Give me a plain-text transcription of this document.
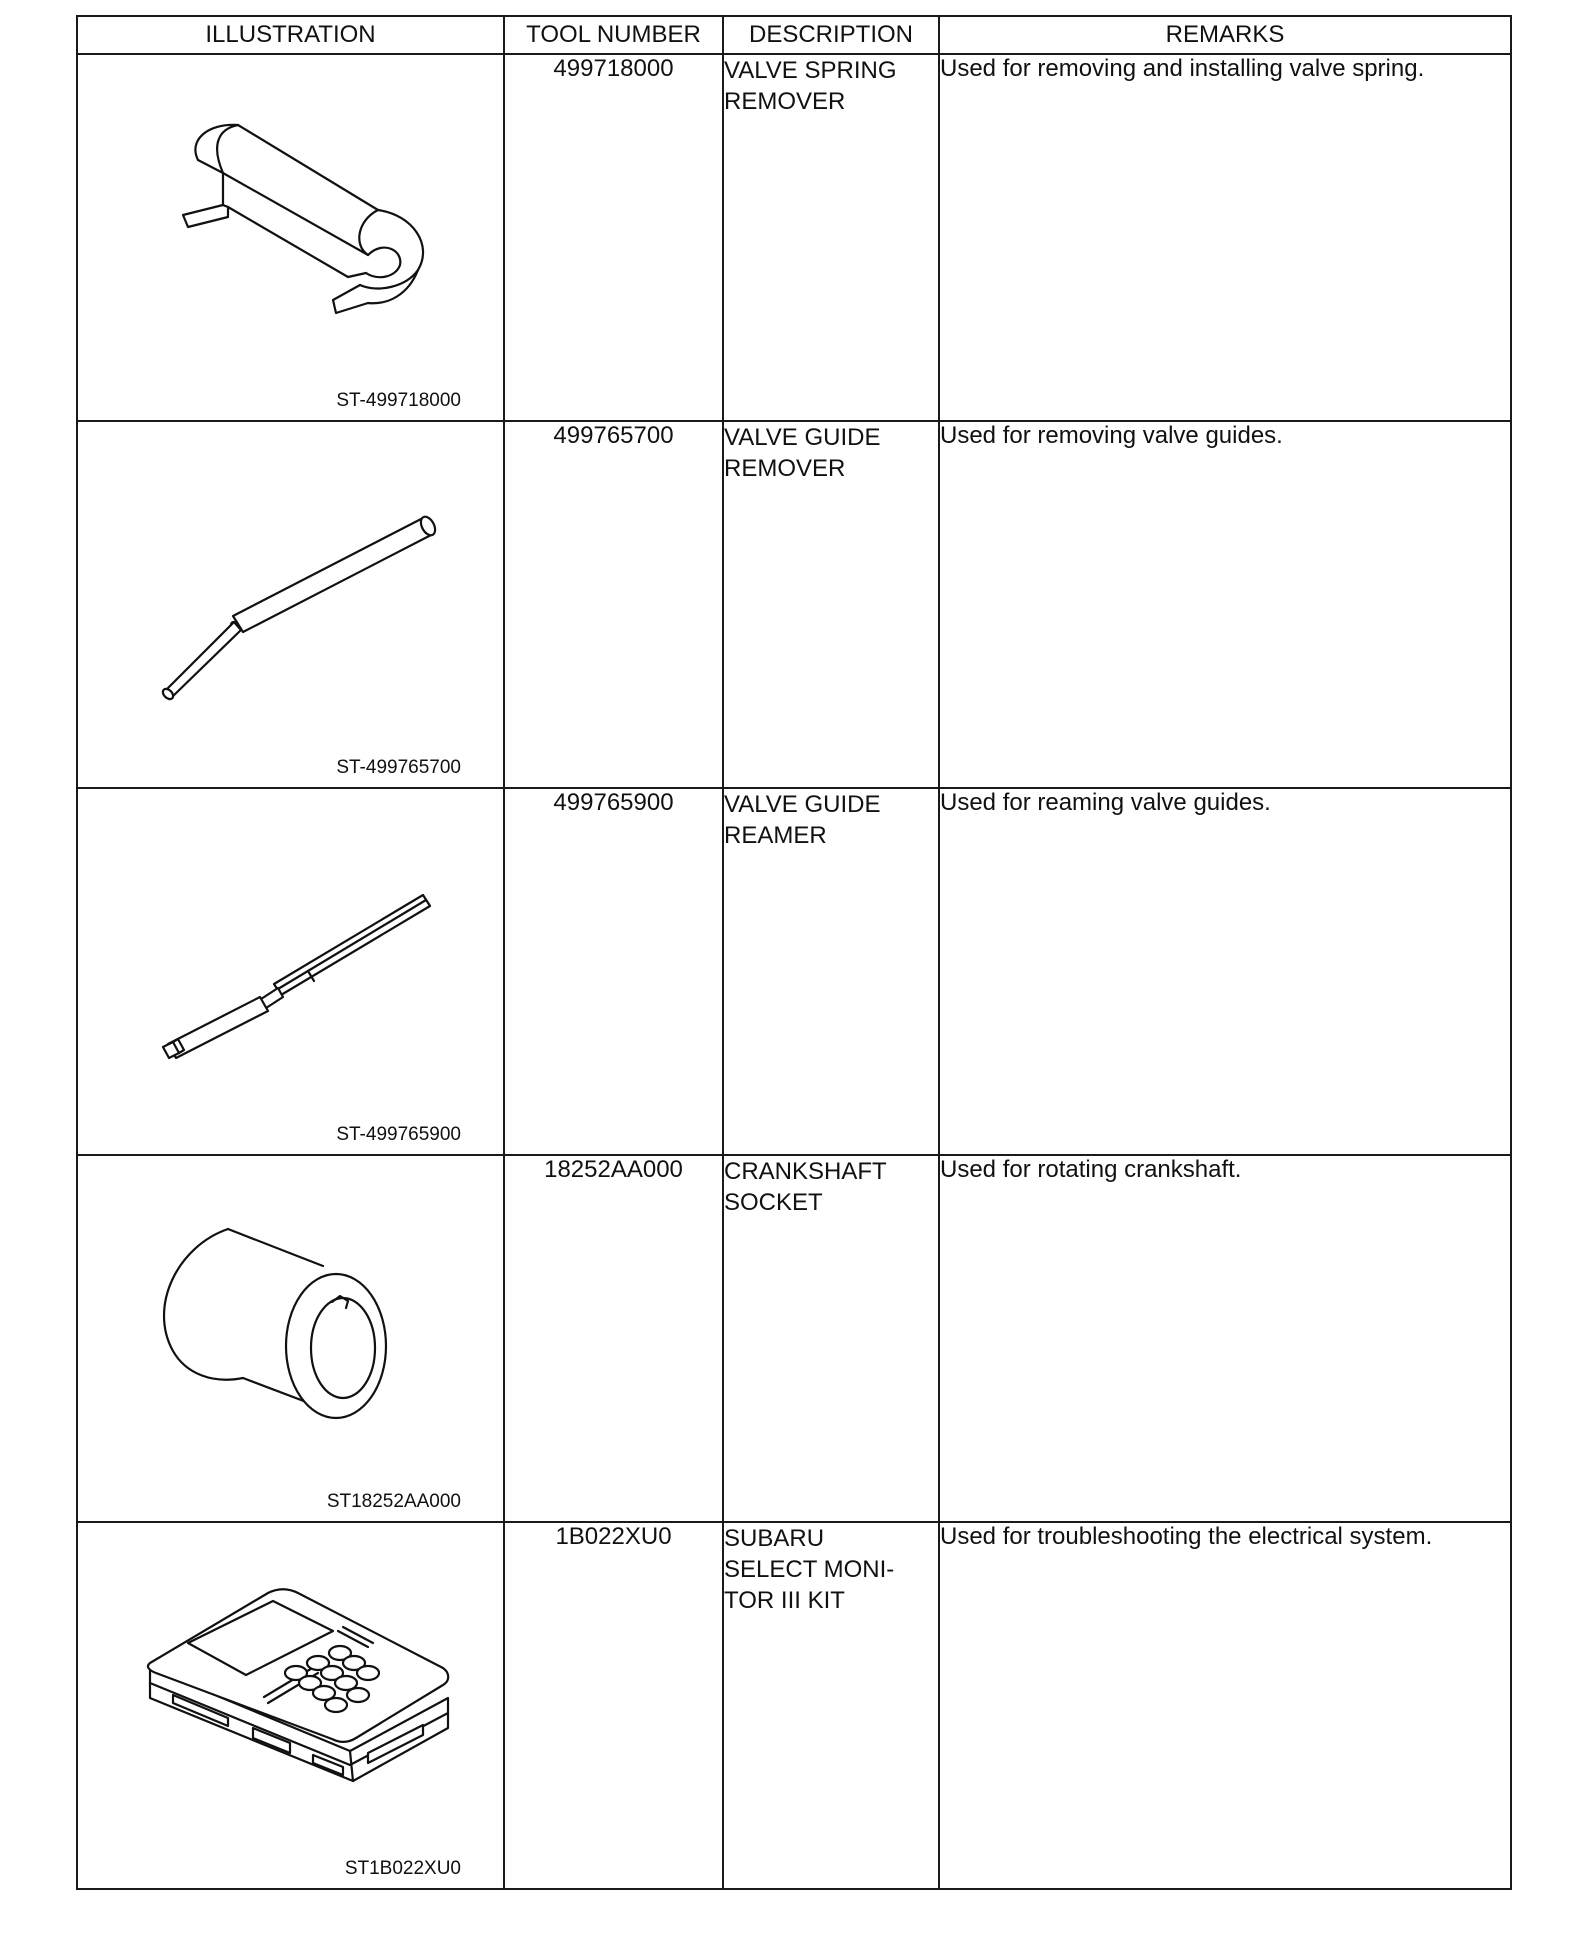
ILLUSTRATION	TOOL NUMBER	DESCRIPTION	REMARKS

ST-499718000	499718000	VALVE SPRING
REMOVER	Used for removing and installing valve spring.

ST-499765700	499765700	VALVE GUIDE
REMOVER	Used for removing valve guides.

ST-499765900	499765900	VALVE GUIDE
REAMER	Used for reaming valve guides.

ST18252AA000	18252AA000	CRANKSHAFT
SOCKET	Used for rotating crankshaft.

ST1B022XU0	1B022XU0	SUBARU
SELECT MONI-
TOR III KIT	Used for troubleshooting the electrical system.
